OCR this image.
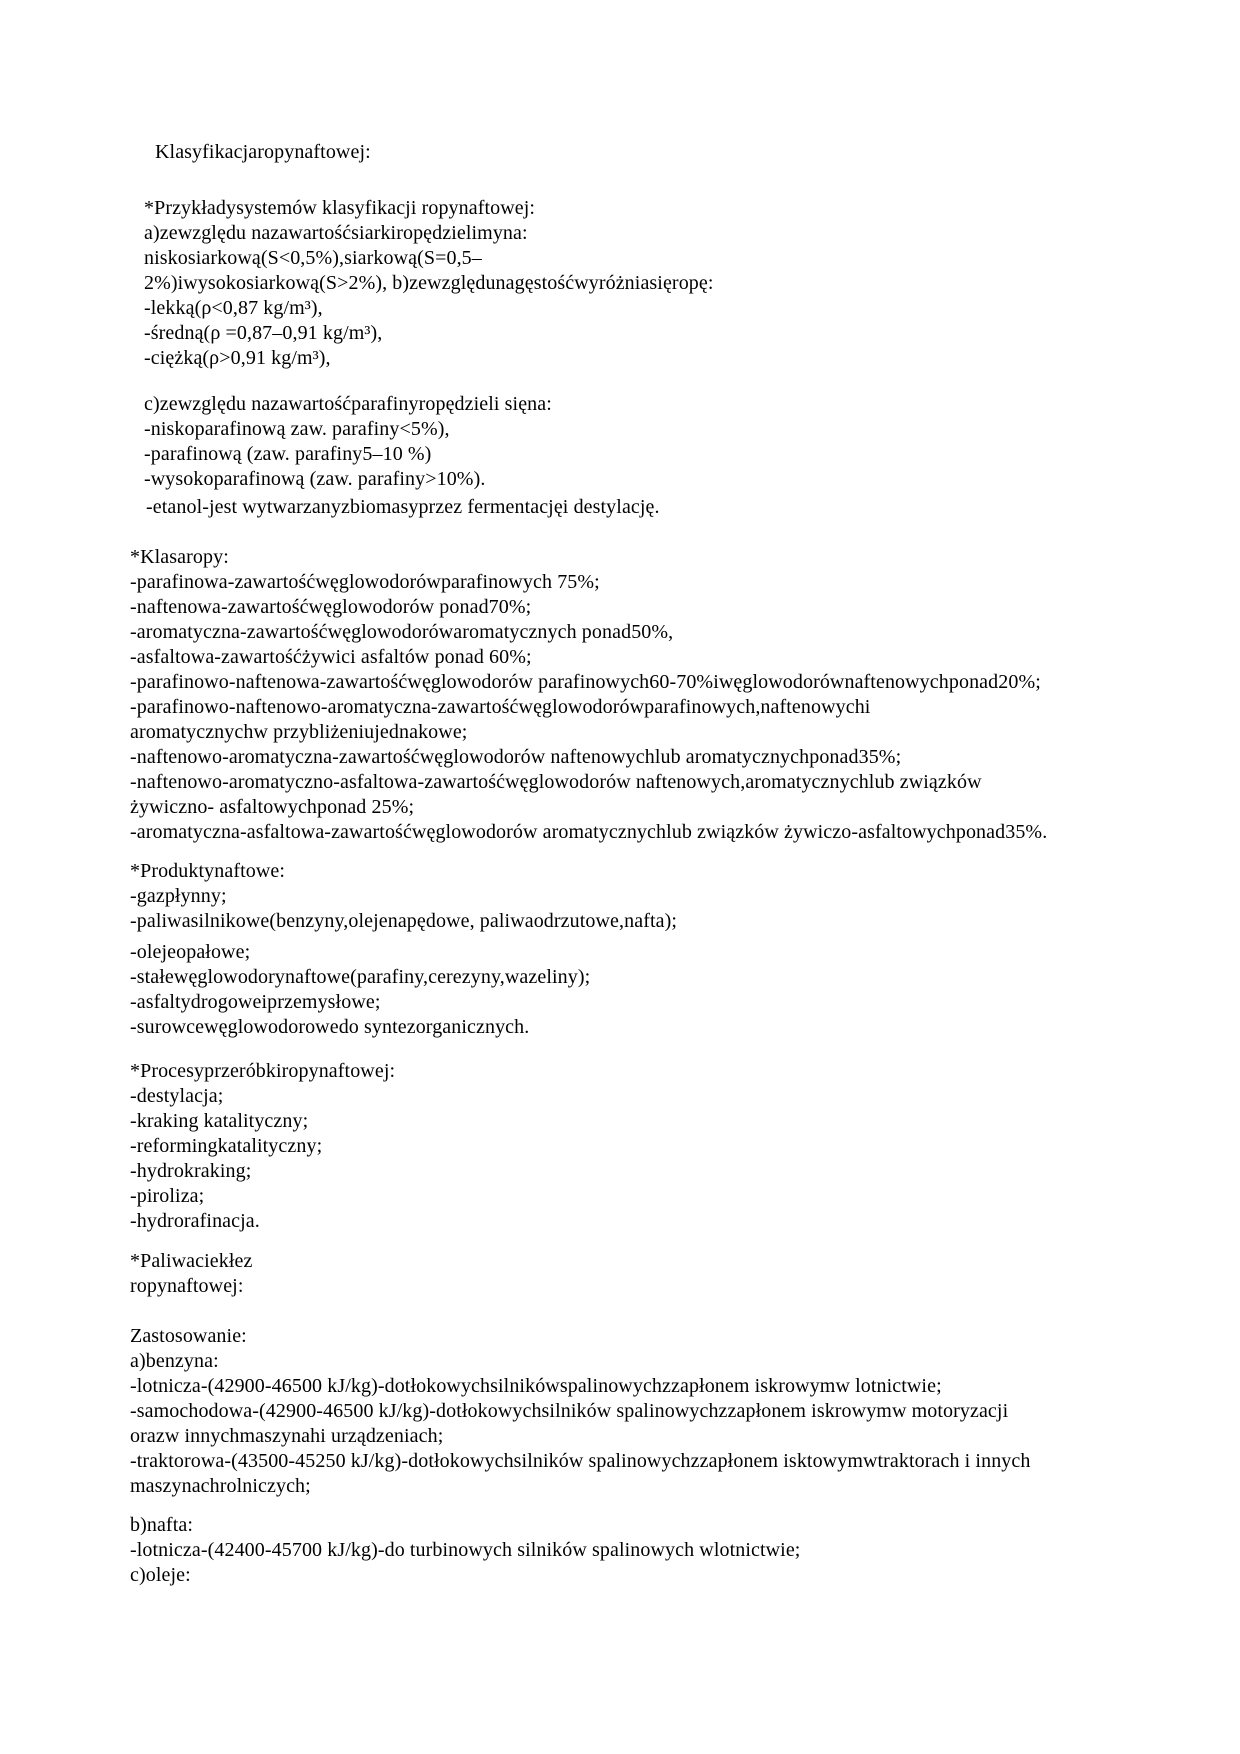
Klasyfikacjaropynaftowej:

*Przykładysystemów klasyfikacji ropynaftowej:

a)zewzględu nazawartośćsiarkiropędzielimyna:

niskosiarkową(S<0,5%),siarkową(S=0,5–

2%)iwysokosiarkową(S>2%), b)zewzględunagęstośćwyróżniasięropę:

-lekką(ρ<0,87 kg/m³),

-średną(ρ =0,87–0,91 kg/m³),

-ciężką(ρ>0,91 kg/m³),

c)zewzględu nazawartośćparafinyropędzieli sięna:

-niskoparafinową zaw. parafiny<5%),

-parafinową (zaw. parafiny5–10 %)

-wysokoparafinową (zaw. parafiny>10%).

-etanol-jest wytwarzanyzbiomasyprzez fermentacjęi destylację.

*Klasaropy:

-parafinowa-zawartośćwęglowodorówparafinowych 75%;

-naftenowa-zawartośćwęglowodorów ponad70%;

-aromatyczna-zawartośćwęglowodorówaromatycznych ponad50%,

-asfaltowa-zawartośćżywici asfaltów ponad 60%;

-parafinowo-naftenowa-zawartośćwęglowodorów parafinowych60-70%iwęglowodorównaftenowychponad20%;

-parafinowo-naftenowo-aromatyczna-zawartośćwęglowodorówparafinowych,naftenowychi

aromatycznychw przybliżeniujednakowe;

-naftenowo-aromatyczna-zawartośćwęglowodorów naftenowychlub aromatycznychponad35%;

-naftenowo-aromatyczno-asfaltowa-zawartośćwęglowodorów naftenowych,aromatycznychlub związków

żywiczno- asfaltowychponad 25%;

-aromatyczna-asfaltowa-zawartośćwęglowodorów aromatycznychlub związków żywiczo-asfaltowychponad35%.

*Produktynaftowe:

-gazpłynny;

-paliwasilnikowe(benzyny,olejenapędowe, paliwaodrzutowe,nafta);

-olejeopałowe;

-stałewęglowodorynaftowe(parafiny,cerezyny,wazeliny);

-asfaltydrogoweiprzemysłowe;

-surowcewęglowodorowedo syntezorganicznych.

*Procesyprzeróbkiropynaftowej:

-destylacja;

-kraking katalityczny;

-reformingkatalityczny;

-hydrokraking;

-piroliza;

-hydrorafinacja.

*Paliwaciekłez

ropynaftowej:

Zastosowanie:

a)benzyna:

-lotnicza-(42900-46500 kJ/kg)-dotłokowychsilnikówspalinowychzzapłonem iskrowymw lotnictwie;

-samochodowa-(42900-46500 kJ/kg)-dotłokowychsilników spalinowychzzapłonem iskrowymw motoryzacji

orazw innychmaszynahi urządzeniach;

-traktorowa-(43500-45250 kJ/kg)-dotłokowychsilników spalinowychzzapłonem isktowymwtraktorach i innych

maszynachrolniczych;

b)nafta:

-lotnicza-(42400-45700 kJ/kg)-do turbinowych silników spalinowych wlotnictwie;

c)oleje:
